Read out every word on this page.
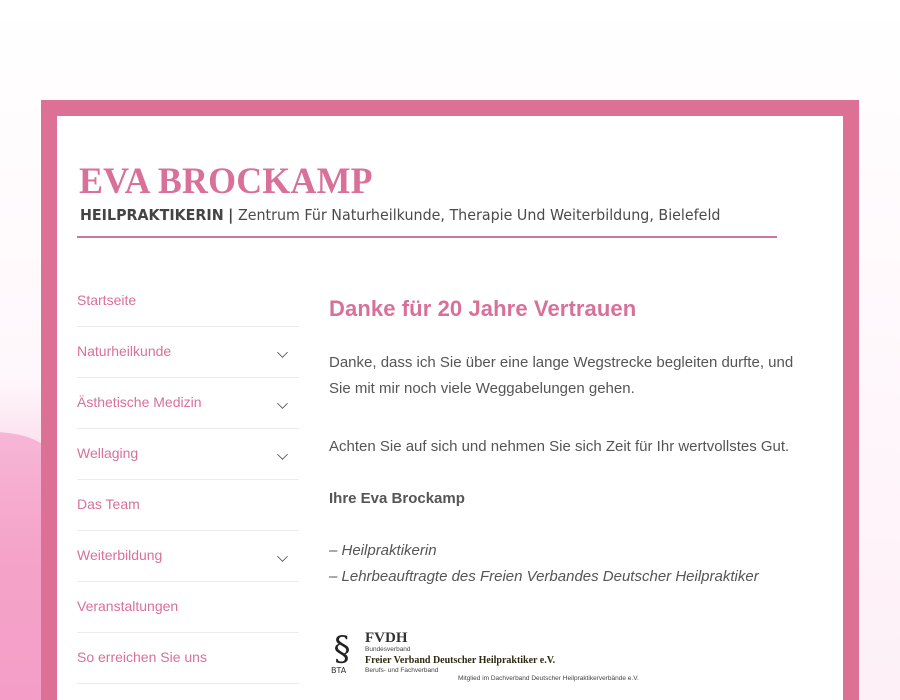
EVA BROCKAMP
HEILPRAKTIKERIN | Zentrum Für Naturheilkunde, Therapie Und Weiterbildung, Bielefeld
Startseite
Naturheilkunde
Ästhetische Medizin
Wellaging
Das Team
Weiterbildung
Veranstaltungen
So erreichen Sie uns
Danke für 20 Jahre Vertrauen

Danke, dass ich Sie über eine lange Wegstrecke begleiten durfte, und Sie mit mir noch viele Weggabelungen gehen.

Achten Sie auf sich und nehmen Sie sich Zeit für Ihr wertvollstes Gut.

Ihre Eva Brockamp

– Heilpraktikerin

– Lehrbeauftragte des Freien Verbandes Deutscher Heilpraktiker

§
BTA
FVDH
Bundesverband
Freier Verband Deutscher Heilpraktiker e.V.
Berufs- und Fachverband
Mitglied im Dachverband Deutscher Heilpraktikerverbände e.V.
